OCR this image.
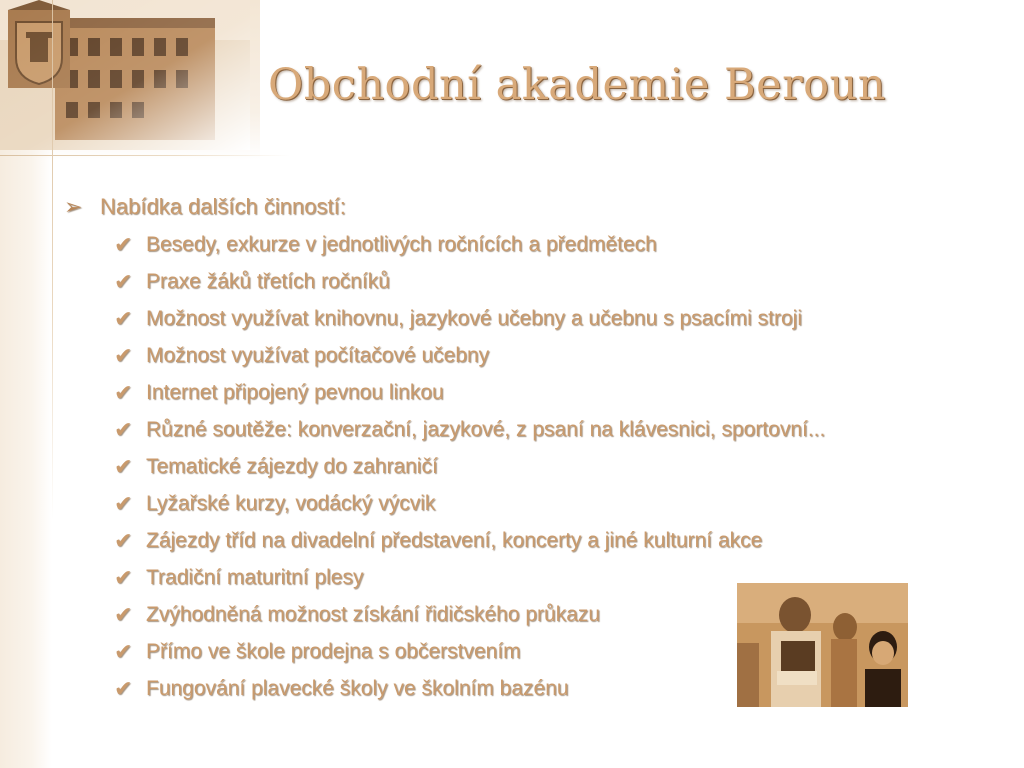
Obchodní akademie Beroun
➢ Nabídka dalších činností:
✔ Besedy, exkurze v jednotlivých ročnících a předmětech
✔ Praxe žáků třetích ročníků
✔ Možnost využívat knihovnu, jazykové učebny a učebnu s psacími stroji
✔ Možnost využívat počítačové učebny
✔ Internet připojený pevnou linkou
✔ Různé soutěže: konverzační, jazykové, z psaní na klávesnici, sportovní...
✔ Tematické zájezdy do zahraničí
✔ Lyžařské kurzy, vodácký výcvik
✔ Zájezdy tříd na divadelní představení, koncerty a jiné kulturní akce
✔ Tradiční maturitní plesy
✔ Zvýhodněná možnost získání řidičského průkazu
✔ Přímo ve škole prodejna s občerstvením
✔ Fungování plavecké školy ve školním bazénu
